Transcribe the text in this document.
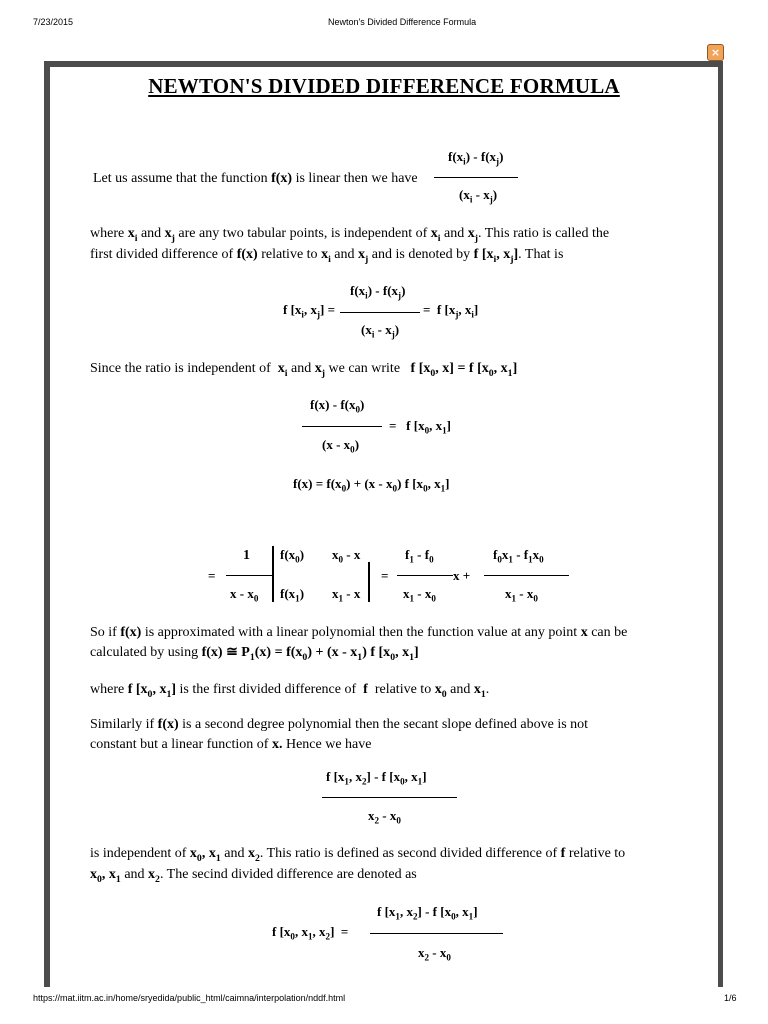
7/23/2015	Newton's Divided Difference Formula
×
NEWTON'S DIVIDED DIFFERENCE FORMULA
Let us assume that the function f(x) is linear then we have
$f(x_i) - f(x_j)$
$(x_i - x_j)$
where $x_i$ and $x_j$ are any two tabular points, is independent of $x_i$ and $x_j$. This ratio is called the
first divided difference of f(x) relative to $x_i$ and $x_j$ and is denoted by f [$x_i$, $x_j$]. That is
f [$x_i$, $x_j$] =
$f(x_i) - f(x_j)$
$(x_i - x_j)$
=  f [$x_j$, $x_i$]
Since the ratio is independent of  $x_i$ and $x_j$ we can write   f [$x_0$, x] = f [$x_0$, $x_1$]
$f(x) - f(x_0)$
$(x - x_0)$
=   f [$x_0$, $x_1$]
$f(x) = f(x_0) + (x - x_0)$ f [$x_0$, $x_1$]
=
1
x - $x_0$
$f(x_0)$ $x_0$ - x
$f(x_1)$ $x_1$ - x
=
$f_1 - f_0$
$x_1 - x_0$
x +
$f_0x_1 - f_1x_0$
$x_1 - x_0$
So if f(x) is approximated with a linear polynomial then the function value at any point x can be
calculated by using f(x) ≅ $P_1(x) = f(x_0) + (x - x_1)$ f [$x_0$, $x_1$]
where f [$x_0$, $x_1$] is the first divided difference of  f  relative to $x_0$ and $x_1$.
Similarly if f(x) is a second degree polynomial then the secant slope defined above is not
constant but a linear function of x. Hence we have
f [$x_1$, $x_2$] - f [$x_0$, $x_1$]
$x_2 - x_0$
is independent of $x_0$, $x_1$ and $x_2$. This ratio is defined as second divided difference of f relative to
$x_0$, $x_1$ and $x_2$. The secind divided difference are denoted as
f [$x_0$, $x_1$, $x_2$]  =
f [$x_1$, $x_2$] - f [$x_0$, $x_1$]
$x_2 - x_0$
https://mat.iitm.ac.in/home/sryedida/public_html/caimna/interpolation/nddf.html	1/6
